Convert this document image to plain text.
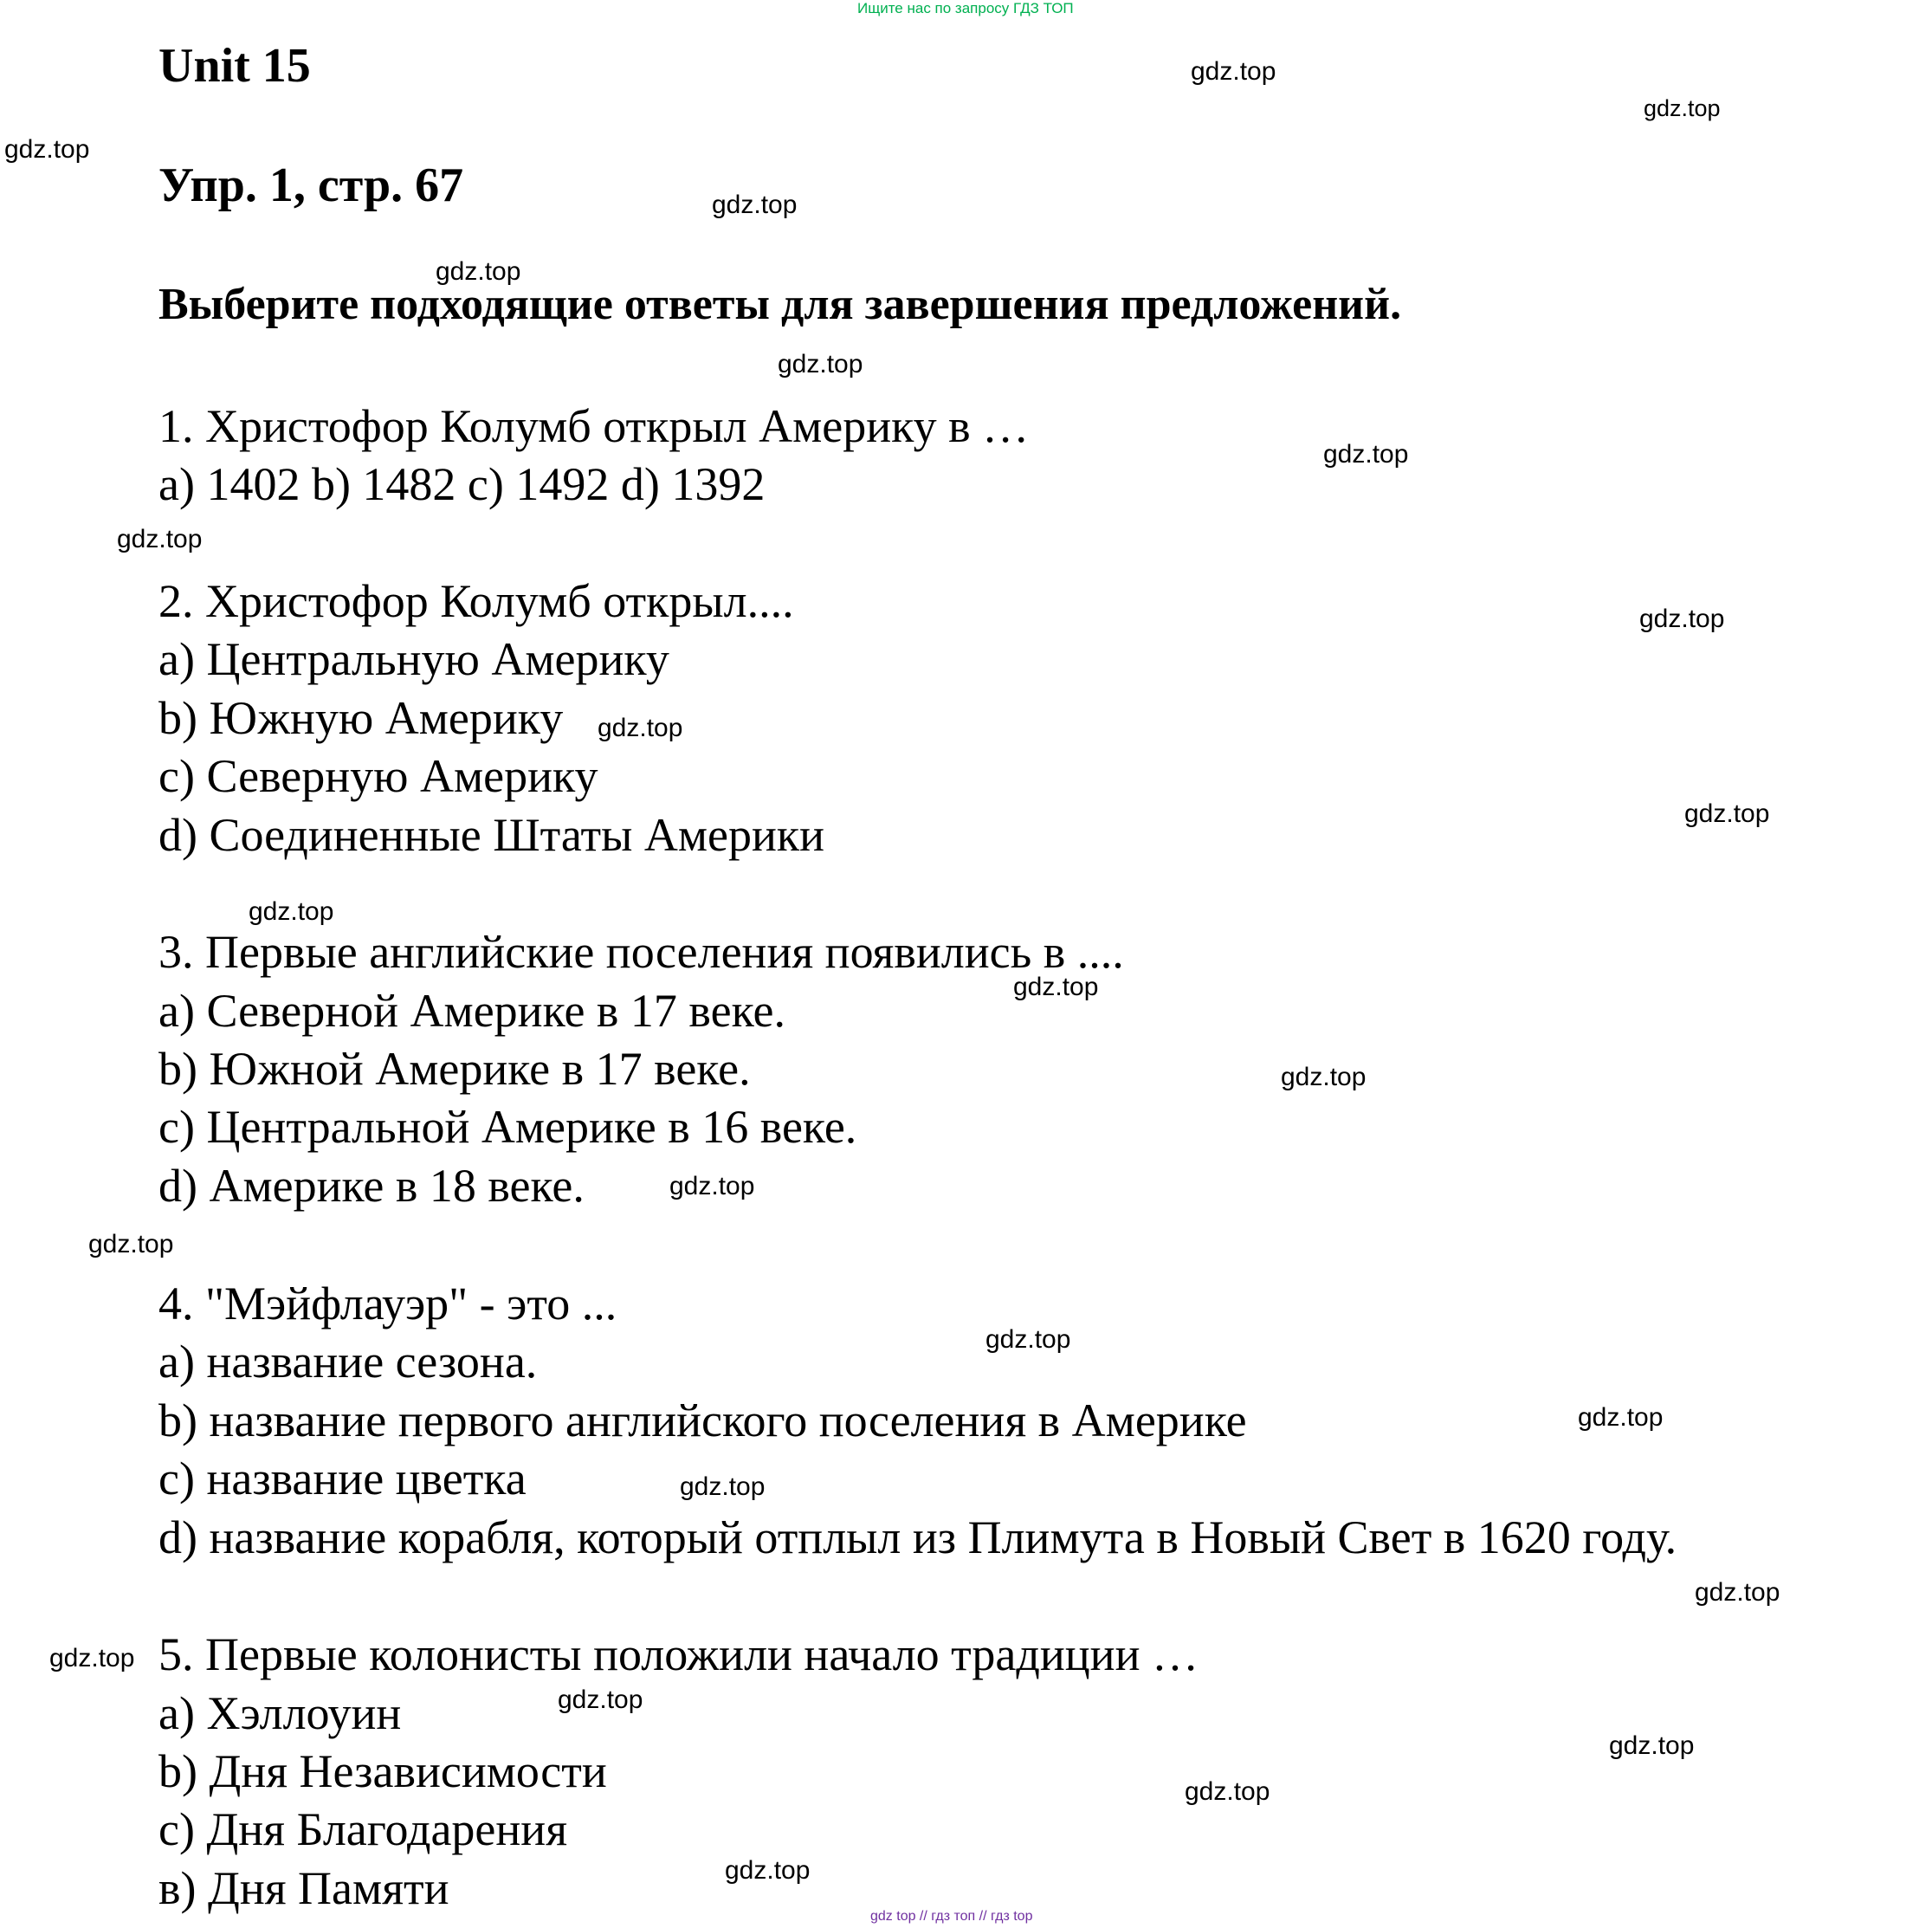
Ищите нас по запросу ГДЗ ТОП
Unit 15
Упр. 1, стр. 67
Выберите подходящие ответы для завершения предложений.
1. Христофор Колумб открыл Америку в …
a) 1402 b) 1482 c) 1492 d) 1392
2. Христофор Колумб открыл....
a) Центральную Америку
b) Южную Америку
c) Северную Америку
d) Соединенные Штаты Америки
3. Первые английские поселения появились в ....
a) Северной Америке в 17 веке.
b) Южной Америке в 17 веке.
c) Центральной Америке в 16 веке.
d) Америке в 18 веке.
4. "Мэйфлауэр" - это ...
a) название сезона.
b) название первого английского поселения в Америке
c) название цветка
d) название корабля, который отплыл из Плимута в Новый Свет в 1620 году.
5. Первые колонисты положили начало традиции …
a) Хэллоуин
b) Дня Независимости
c) Дня Благодарения
в) Дня Памяти
gdz.top
gdz.top
gdz.top
gdz.top
gdz.top
gdz.top
gdz.top
gdz.top
gdz.top
gdz.top
gdz.top
gdz.top
gdz.top
gdz.top
gdz.top
gdz.top
gdz.top
gdz.top
gdz.top
gdz.top
gdz.top
gdz.top
gdz.top
gdz.top
gdz.top
gdz top // гдз топ // гдз top
